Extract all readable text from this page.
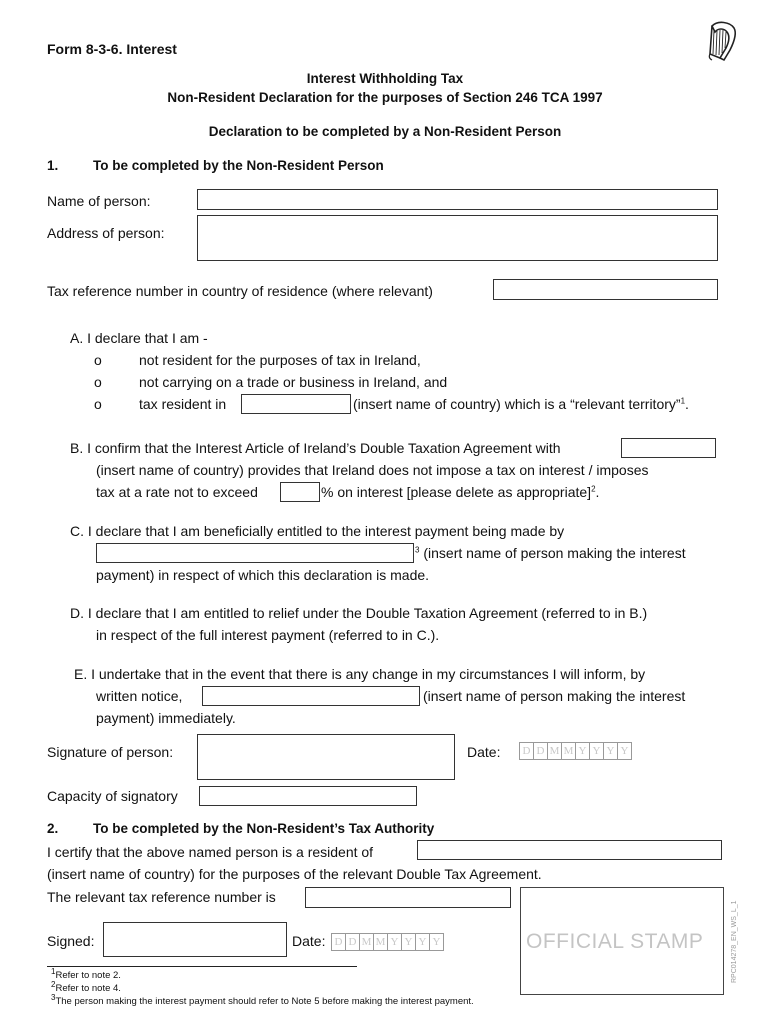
Form 8-3-6. Interest
Interest Withholding Tax
Non-Resident Declaration for the purposes of Section 246 TCA 1997
Declaration to be completed by a Non-Resident Person
1.	To be completed by the Non-Resident Person
Name of person:
Address of person:
Tax reference number in country of residence (where relevant)
A. I declare that I am -
o	not resident for the purposes of tax in Ireland,
o	not carrying on a trade or business in Ireland, and
o	tax resident in	(insert name of country) which is a “relevant territory”$^1$.
B. I confirm that the Interest Article of Ireland’s Double Taxation Agreement with
(insert name of country) provides that Ireland does not impose a tax on interest / imposes
tax at a rate not to exceed	% on interest [please delete as appropriate]$^2$.
C. I declare that I am beneficially entitled to the interest payment being made by
$^3$ (insert name of person making the interest
payment) in respect of which this declaration is made.
D. I declare that I am entitled to relief under the Double Taxation Agreement (referred to in B.)
in respect of the full interest payment (referred to in C.).
E. I undertake that in the event that there is any change in my circumstances I will inform, by
written notice,	(insert name of person making the interest
payment) immediately.
Signature of person:	Date:	D D M M Y Y Y Y
Capacity of signatory
2.	To be completed by the Non-Resident’s Tax Authority
I certify that the above named person is a resident of
(insert name of country) for the purposes of the relevant Double Tax Agreement.
The relevant tax reference number is
Signed:	Date: D D M M Y Y Y Y	OFFICIAL STAMP	RPC014278_EN_WS_L_1
$^1$Refer to note 2.
$^2$Refer to note 4.
$^3$The person making the interest payment should refer to Note 5 before making the interest payment.
